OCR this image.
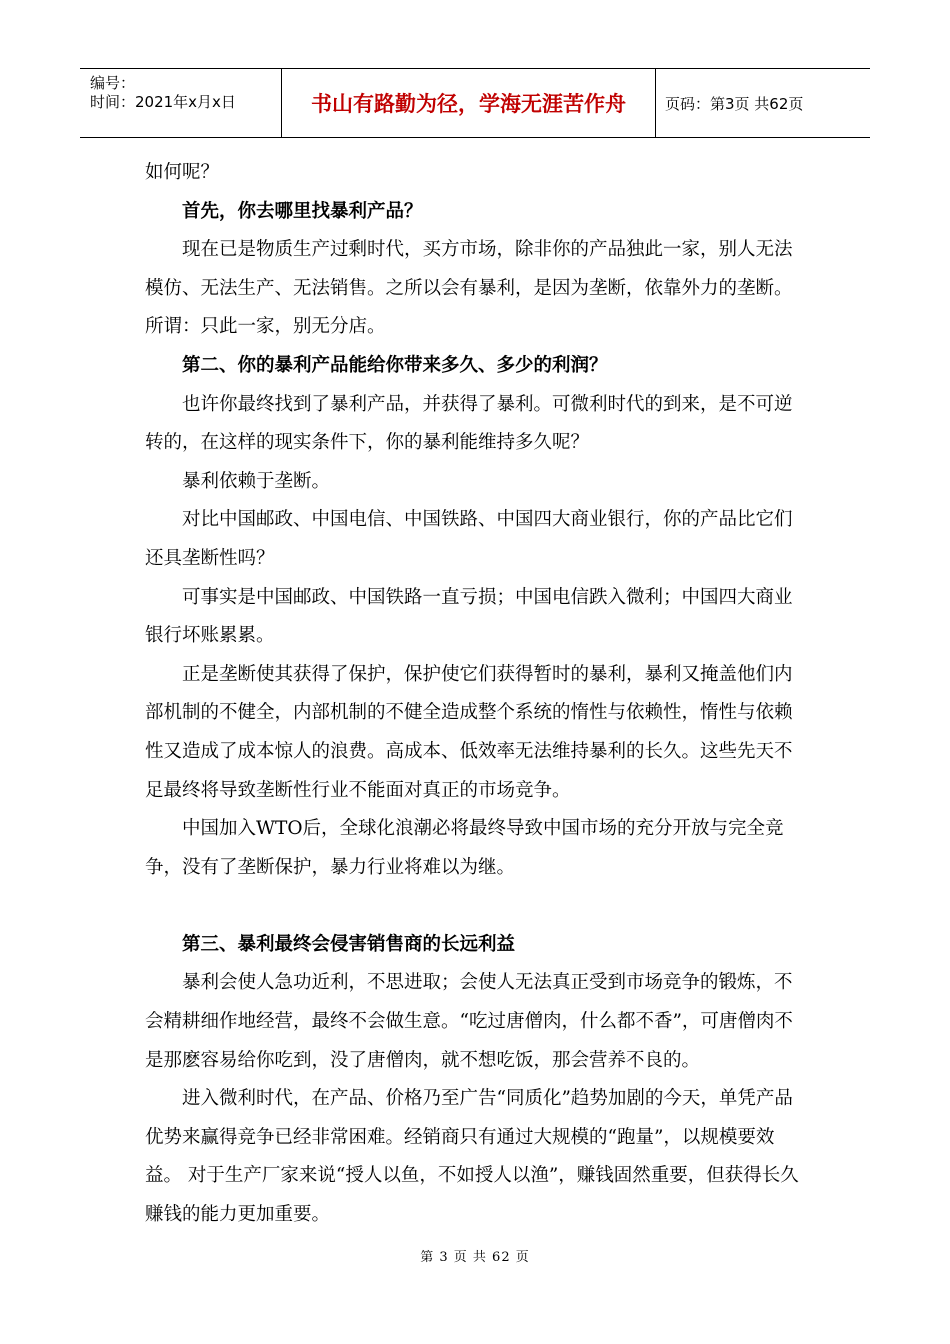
编号：
时间：2021年x月x日	书山有路勤为径，学海无涯苦作舟	页码：第3页 共62页

如何呢？

首先，你去哪里找暴利产品？

现在已是物质生产过剩时代，买方市场，除非你的产品独此一家，别人无法模仿、无法生产、无法销售。之所以会有暴利，是因为垄断，依靠外力的垄断。所谓：只此一家，别无分店。

第二、你的暴利产品能给你带来多久、多少的利润？

也许你最终找到了暴利产品，并获得了暴利。可微利时代的到来，是不可逆转的，在这样的现实条件下，你的暴利能维持多久呢？

暴利依赖于垄断。

对比中国邮政、中国电信、中国铁路、中国四大商业银行，你的产品比它们还具垄断性吗？

可事实是中国邮政、中国铁路一直亏损；中国电信跌入微利；中国四大商业银行坏账累累。

正是垄断使其获得了保护，保护使它们获得暂时的暴利，暴利又掩盖他们内部机制的不健全，内部机制的不健全造成整个系统的惰性与依赖性，惰性与依赖性又造成了成本惊人的浪费。高成本、低效率无法维持暴利的长久。这些先天不足最终将导致垄断性行业不能面对真正的市场竞争。

中国加入WTO后，全球化浪潮必将最终导致中国市场的充分开放与完全竞争，没有了垄断保护，暴力行业将难以为继。

第三、暴利最终会侵害销售商的长远利益

暴利会使人急功近利，不思进取；会使人无法真正受到市场竞争的锻炼，不会精耕细作地经营，最终不会做生意。“吃过唐僧肉，什么都不香”，可唐僧肉不是那麽容易给你吃到，没了唐僧肉，就不想吃饭，那会营养不良的。

进入微利时代，在产品、价格乃至广告“同质化”趋势加剧的今天，单凭产品优势来赢得竞争已经非常困难。经销商只有通过大规模的“跑量”，以规模要效益。 对于生产厂家来说“授人以鱼，不如授人以渔”，赚钱固然重要，但获得长久赚钱的能力更加重要。

第 3 页 共 62 页
